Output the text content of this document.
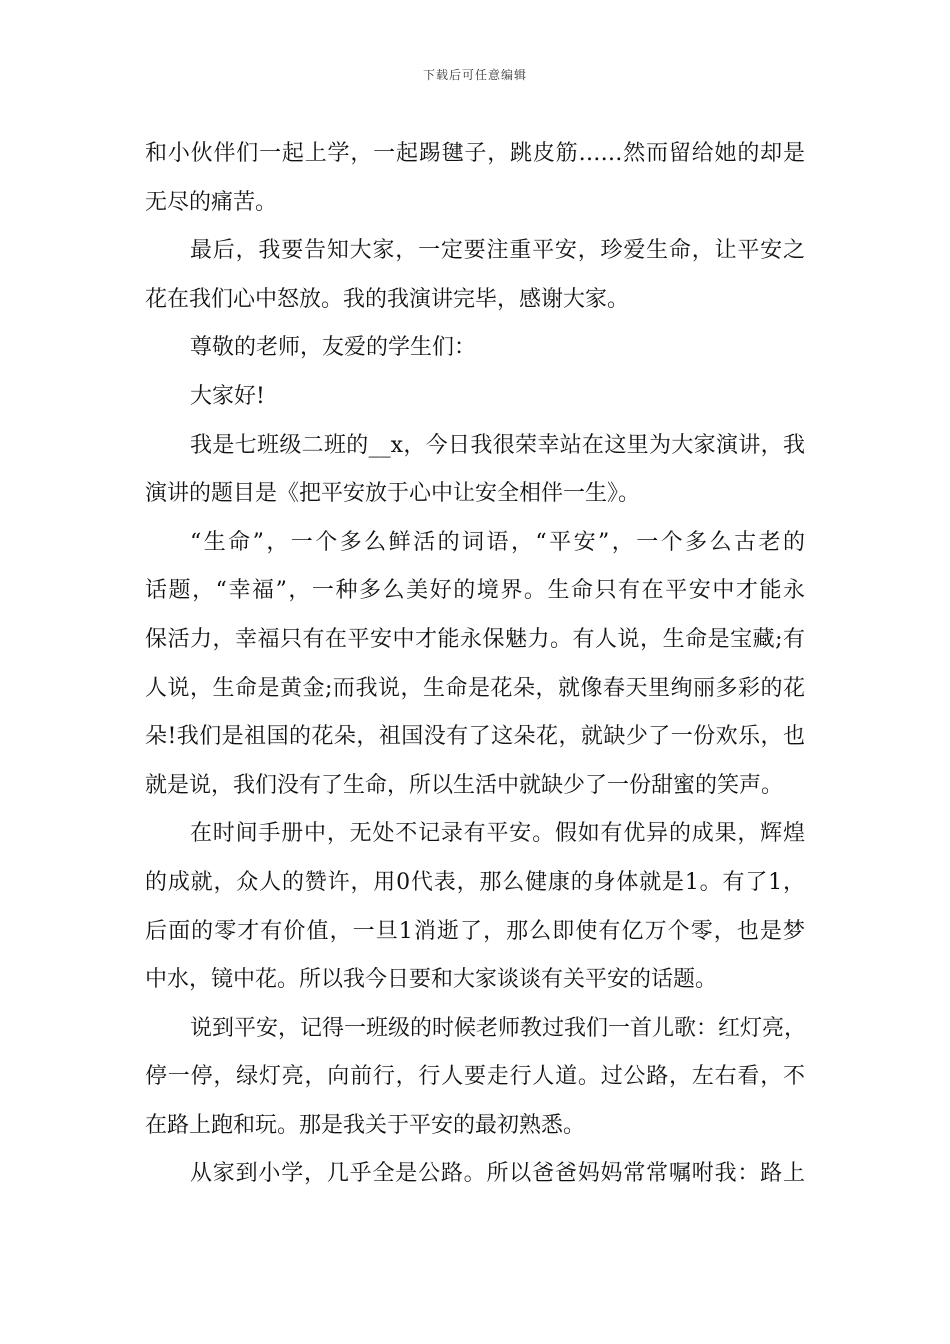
下载后可任意编辑
和小伙伴们一起上学，一起踢毽子，跳皮筋……然而留给她的却是
无尽的痛苦。
最后，我要告知大家，一定要注重平安，珍爱生命，让平安之
花在我们心中怒放。我的我演讲完毕，感谢大家。
尊敬的老师，友爱的学生们：
大家好!
我是七班级二班的__x，今日我很荣幸站在这里为大家演讲，我
演讲的题目是《把平安放于心中让安全相伴一生》。
“生命”，一个多么鲜活的词语，“平安”，一个多么古老的
话题，“幸福”，一种多么美好的境界。生命只有在平安中才能永
保活力，幸福只有在平安中才能永保魅力。有人说，生命是宝藏;有
人说，生命是黄金;而我说，生命是花朵，就像春天里绚丽多彩的花
朵!我们是祖国的花朵，祖国没有了这朵花，就缺少了一份欢乐，也
就是说，我们没有了生命，所以生活中就缺少了一份甜蜜的笑声。
在时间手册中，无处不记录有平安。假如有优异的成果，辉煌
的成就，众人的赞许，用0代表，那么健康的身体就是1。有了1，
后面的零才有价值，一旦1消逝了，那么即使有亿万个零，也是梦
中水，镜中花。所以我今日要和大家谈谈有关平安的话题。
说到平安，记得一班级的时候老师教过我们一首儿歌：红灯亮，
停一停，绿灯亮，向前行，行人要走行人道。过公路，左右看，不
在路上跑和玩。那是我关于平安的最初熟悉。
从家到小学，几乎全是公路。所以爸爸妈妈常常嘱咐我：路上
